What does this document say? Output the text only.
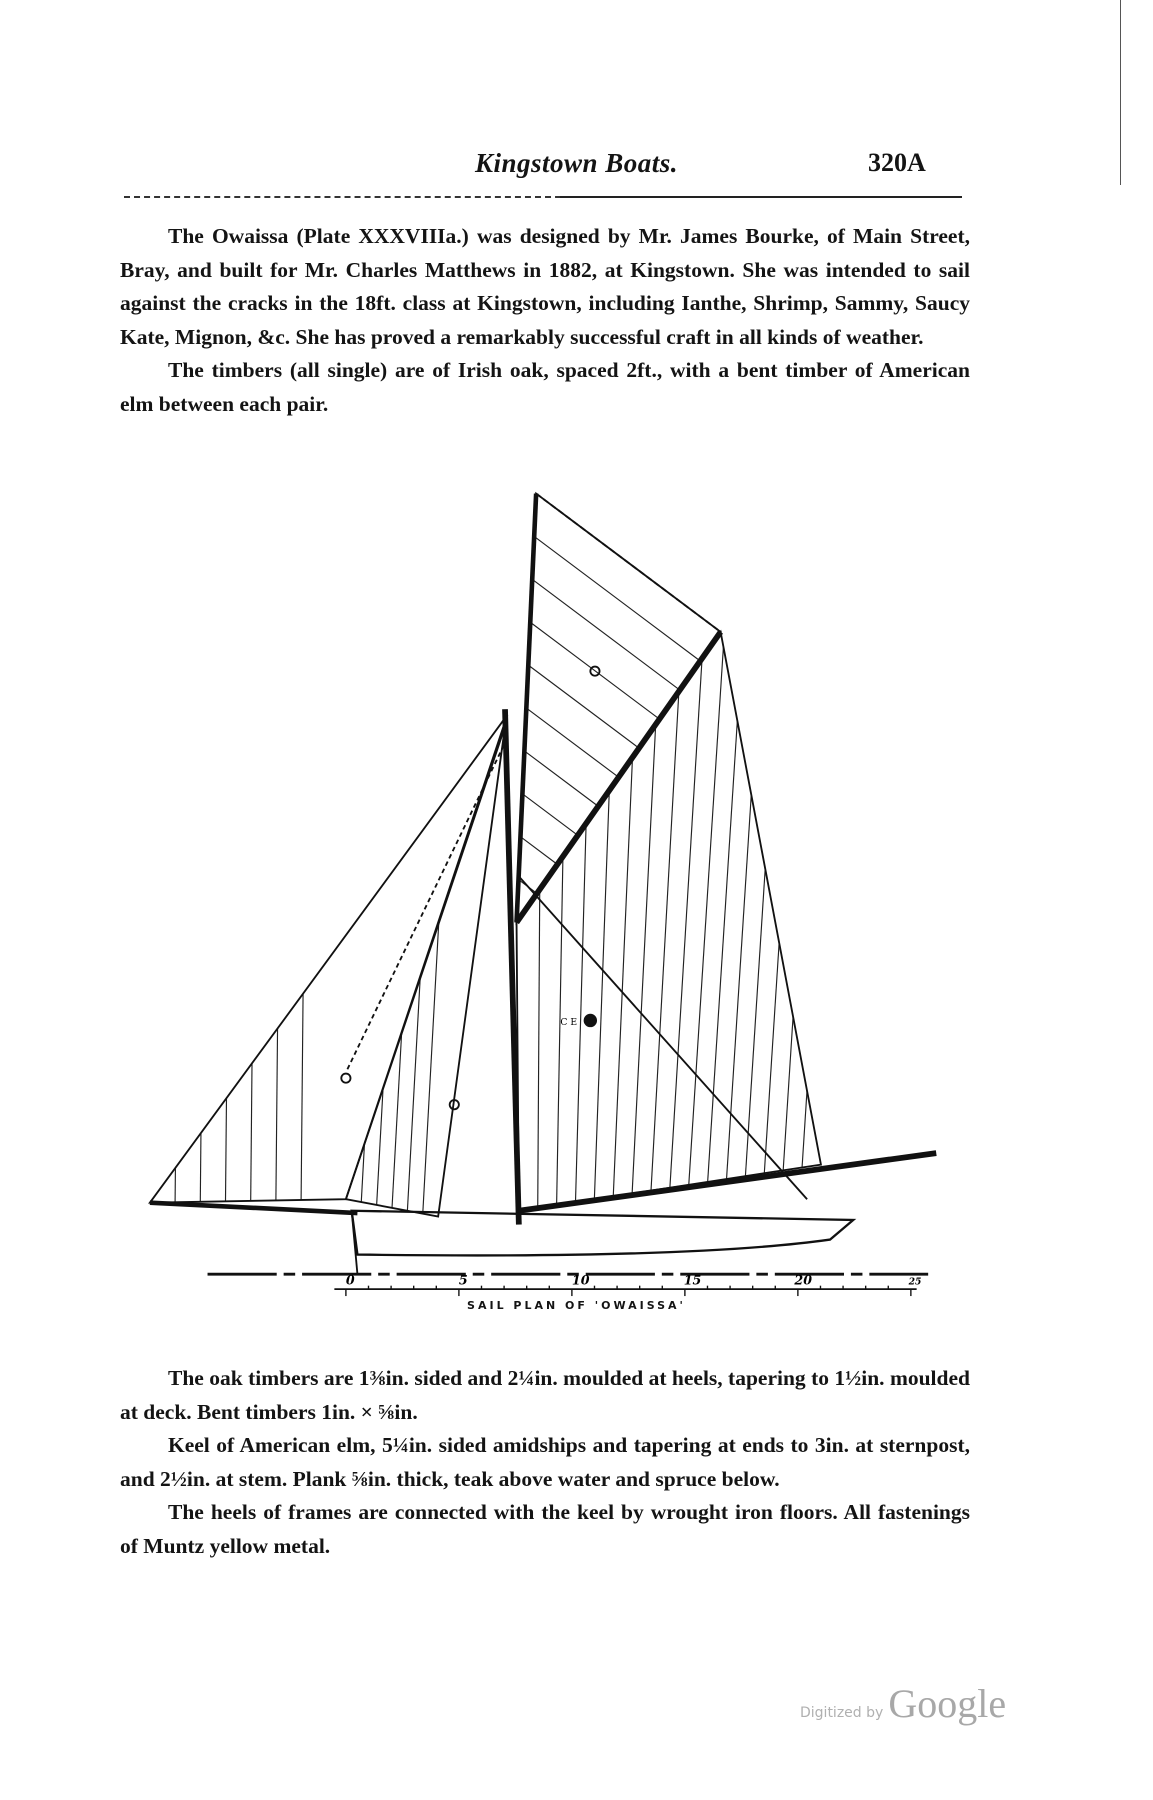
Kingstown Boats.	320A

The Owaissa (Plate XXXVIIIa.) was designed by Mr. James Bourke, of Main Street, Bray, and built for Mr. Charles Matthews in 1882, at Kingstown. She was intended to sail against the cracks in the 18ft. class at Kingstown, including Ianthe, Shrimp, Sammy, Saucy Kate, Mignon, &c. She has proved a remarkably successful craft in all kinds of weather.

The timbers (all single) are of Irish oak, spaced 2ft., with a bent timber of American elm between each pair.

C E
0	5	10	15	20	25
SAIL PLAN OF 'OWAISSA'

The oak timbers are 1⅜in. sided and 2¼in. moulded at heels, tapering to 1½in. moulded at deck. Bent timbers 1in. × ⅝in.

Keel of American elm, 5¼in. sided amidships and tapering at ends to 3in. at sternpost, and 2½in. at stem. Plank ⅝in. thick, teak above water and spruce below.

The heels of frames are connected with the keel by wrought iron floors. All fastenings of Muntz yellow metal.

Digitized by Google
